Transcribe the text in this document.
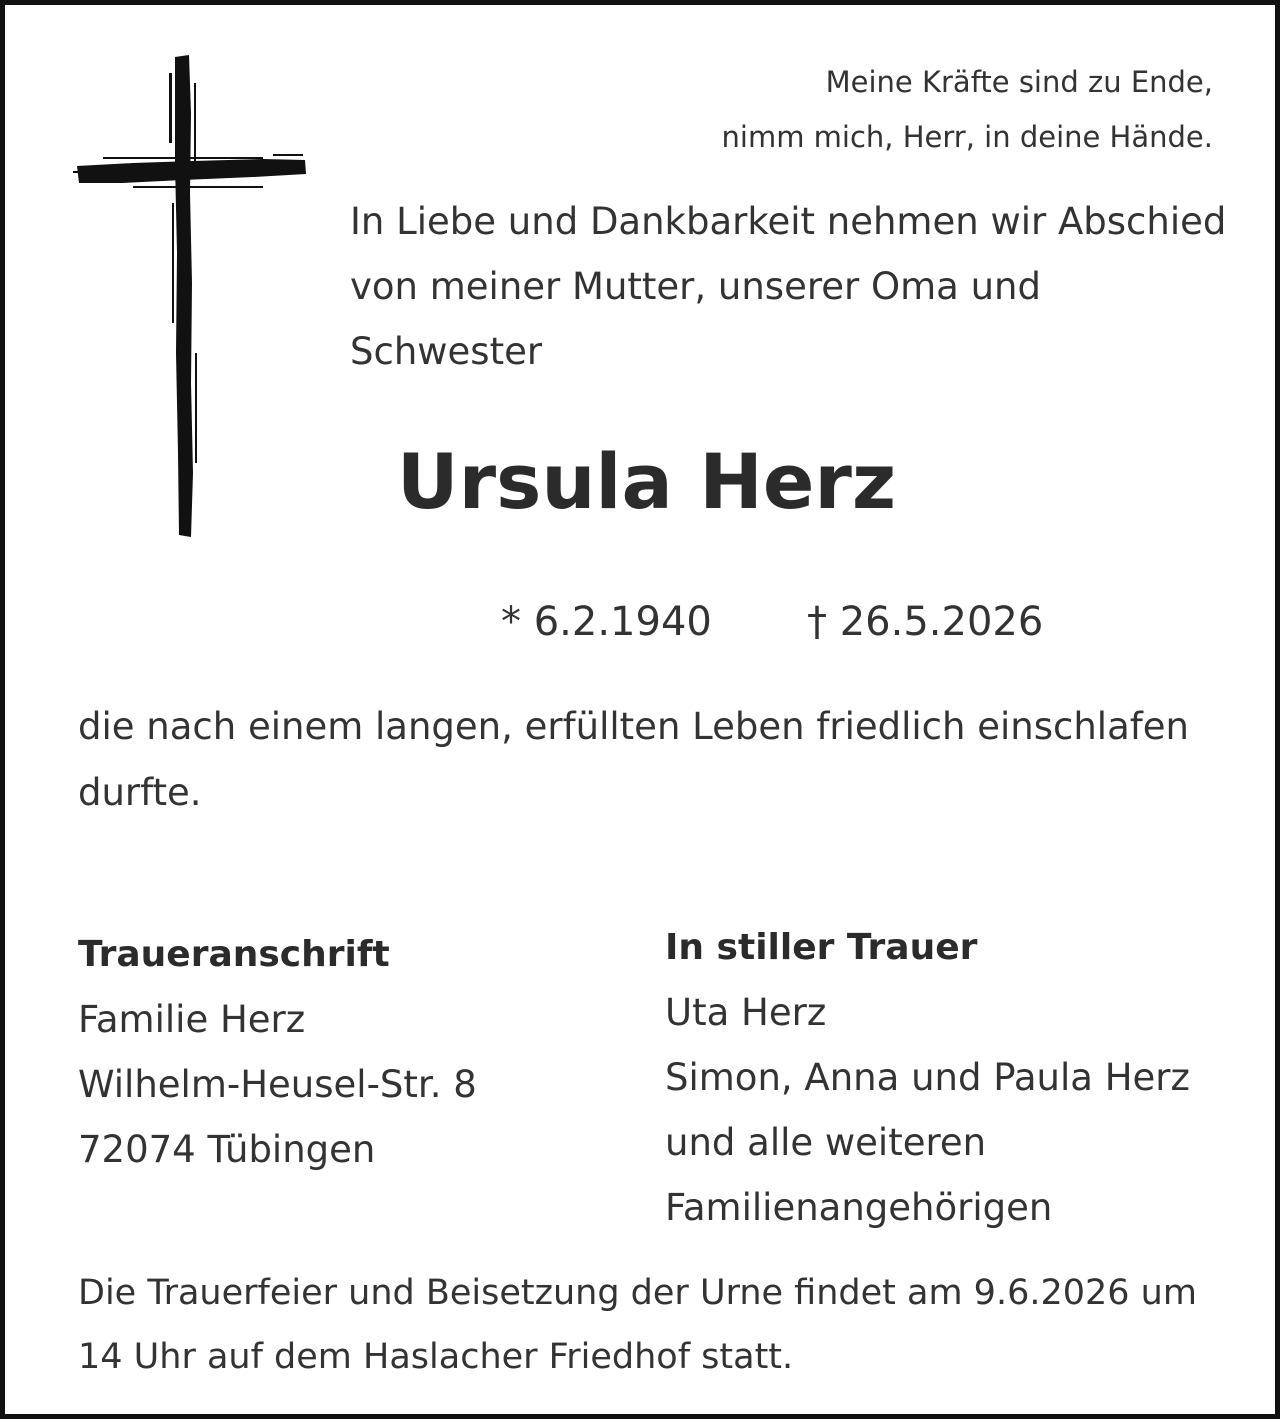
Meine Kräfte sind zu Ende,
nimm mich, Herr, in deine Hände.
In Liebe und Dankbarkeit nehmen wir Abschied
von meiner Mutter, unserer Oma und
Schwester
Ursula Herz
* 6.2.1940 † 26.5.2026
die nach einem langen, erfüllten Leben friedlich einschlafen
durfte.
Traueranschrift
Familie Herz
Wilhelm-Heusel-Str. 8
72074 Tübingen
In stiller Trauer
Uta Herz
Simon, Anna und Paula Herz
und alle weiteren
Familienangehörigen
Die Trauerfeier und Beisetzung der Urne findet am 9.6.2026 um
14 Uhr auf dem Haslacher Friedhof statt.
